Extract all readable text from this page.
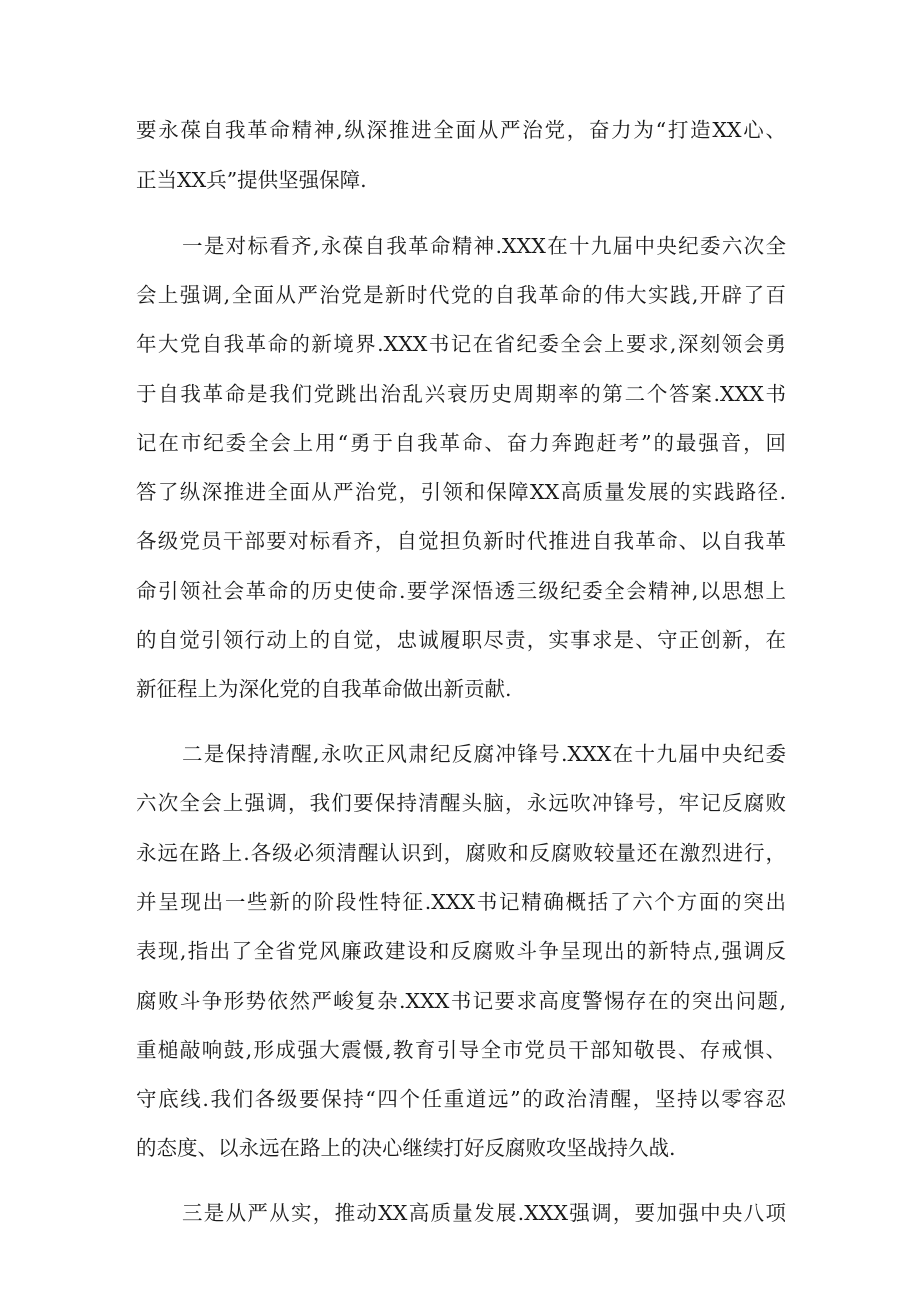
要永葆自我革命精神,纵深推进全面从严治党，奋力为“打造XX心、
正当XX兵”提供坚强保障.
一是对标看齐,永葆自我革命精神.XXX在十九届中央纪委六次全
会上强调,全面从严治党是新时代党的自我革命的伟大实践,开辟了百
年大党自我革命的新境界.XXX书记在省纪委全会上要求,深刻领会勇
于自我革命是我们党跳出治乱兴衰历史周期率的第二个答案.XXX书
记在市纪委全会上用“勇于自我革命、奋力奔跑赶考”的最强音，回
答了纵深推进全面从严治党，引领和保障XX高质量发展的实践路径.
各级党员干部要对标看齐，自觉担负新时代推进自我革命、以自我革
命引领社会革命的历史使命.要学深悟透三级纪委全会精神,以思想上
的自觉引领行动上的自觉，忠诚履职尽责，实事求是、守正创新，在
新征程上为深化党的自我革命做出新贡献.
二是保持清醒,永吹正风肃纪反腐冲锋号.XXX在十九届中央纪委
六次全会上强调，我们要保持清醒头脑，永远吹冲锋号，牢记反腐败
永远在路上.各级必须清醒认识到，腐败和反腐败较量还在激烈进行，
并呈现出一些新的阶段性特征.XXX书记精确概括了六个方面的突出
表现,指出了全省党风廉政建设和反腐败斗争呈现出的新特点,强调反
腐败斗争形势依然严峻复杂.XXX书记要求高度警惕存在的突出问题,
重槌敲响鼓,形成强大震慑,教育引导全市党员干部知敬畏、存戒惧、
守底线.我们各级要保持“四个任重道远”的政治清醒，坚持以零容忍
的态度、以永远在路上的决心继续打好反腐败攻坚战持久战.
三是从严从实，推动XX高质量发展.XXX强调，要加强中央八项
